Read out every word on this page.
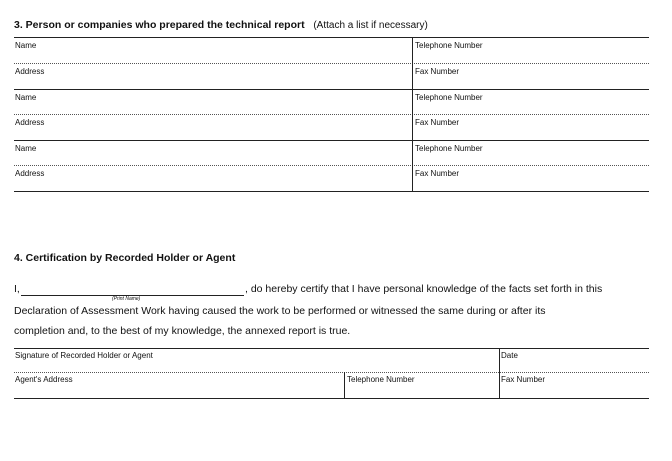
3. Person or companies who prepared the technical report (Attach a list if necessary)
Name	Telephone Number
Address	Fax Number
Name	Telephone Number
Address	Fax Number
Name	Telephone Number
Address	Fax Number
4. Certification by Recorded Holder or Agent
I,	, do hereby certify that I have personal knowledge of the facts set forth in this
(Print Name)
Declaration of Assessment Work having caused the work to be performed or witnessed the same during or after its
completion and, to the best of my knowledge, the annexed report is true.
Signature of Recorded Holder or Agent	Date
Agent's Address	Telephone Number	Fax Number
